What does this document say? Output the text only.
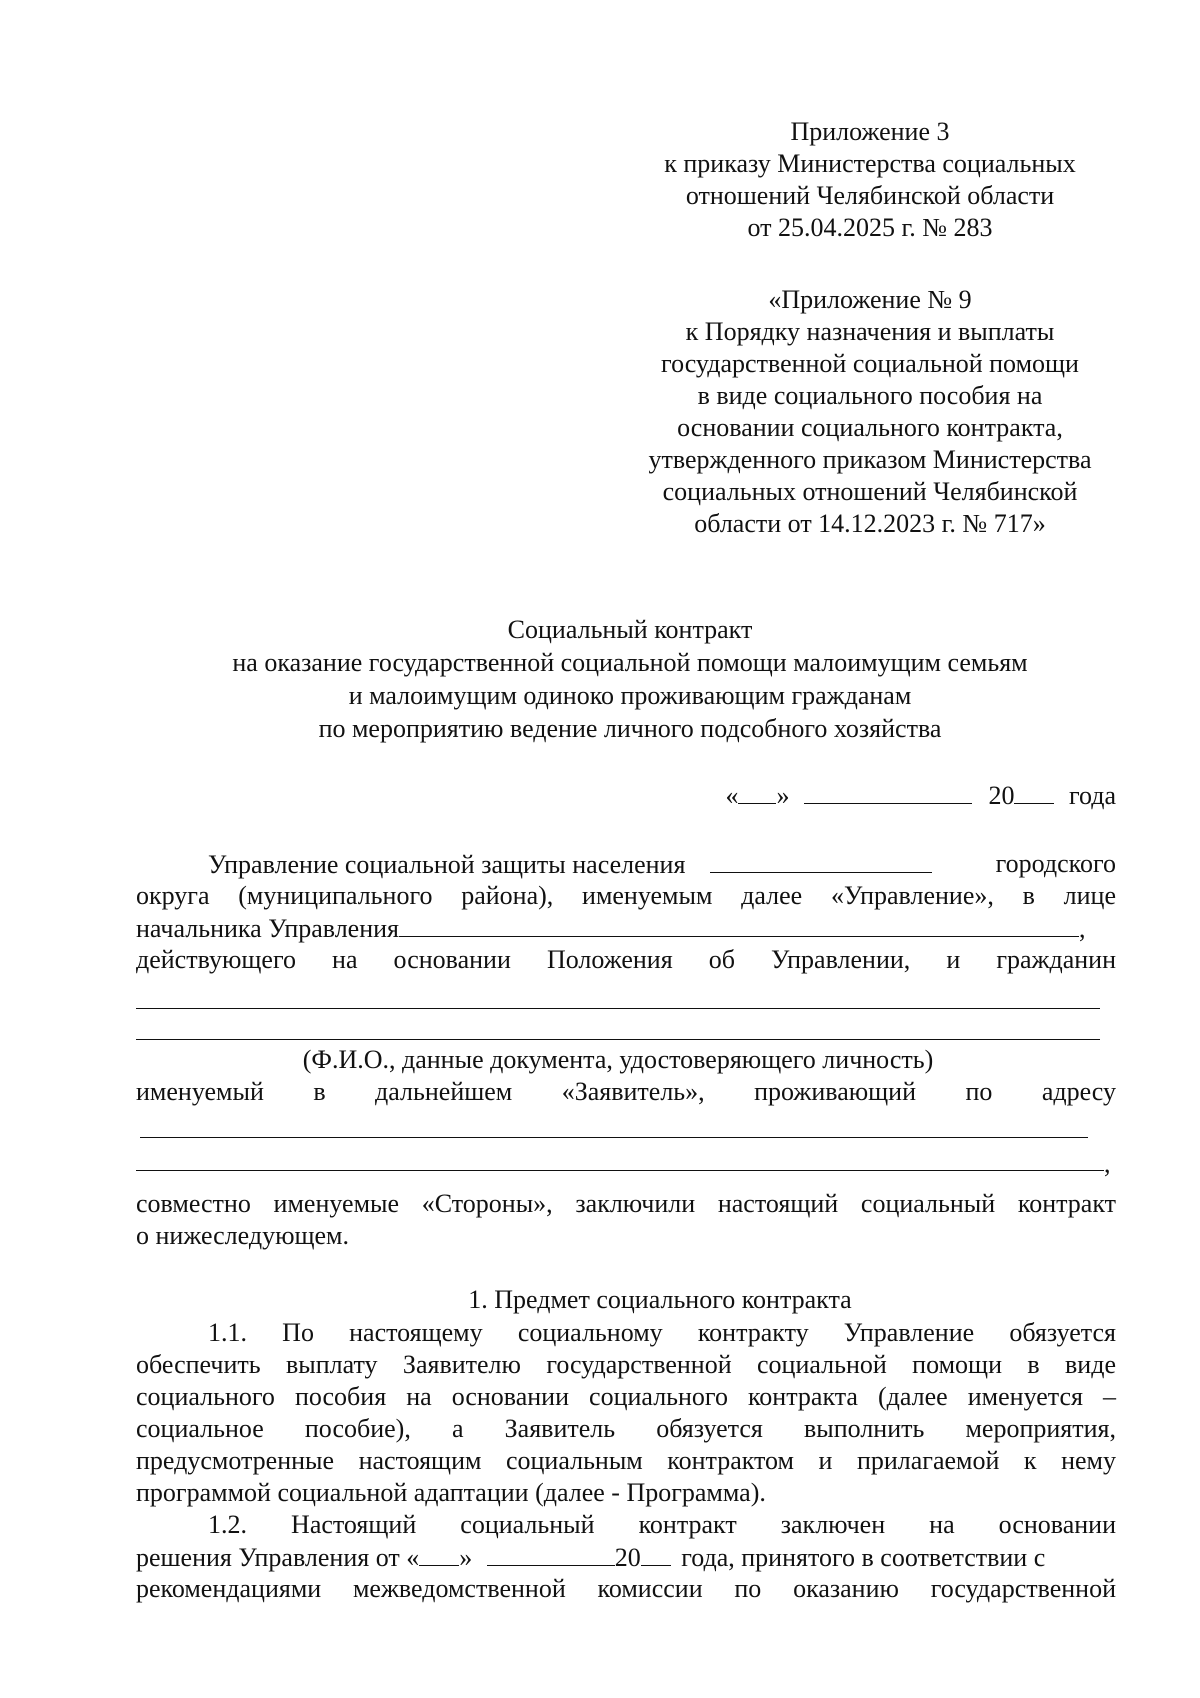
Приложение 3
к приказу Министерства социальных
отношений Челябинской области
от 25.04.2025 г. № 283
«Приложение № 9
к Порядку назначения и выплаты
государственной социальной помощи
в виде социального пособия на
основании социального контракта,
утвержденного приказом Министерства
социальных отношений Челябинской
области от 14.12.2023 г. № 717»
Социальный контракт
на оказание государственной социальной помощи малоимущим семьям
и малоимущим одиноко проживающим гражданам
по мероприятию ведение личного подсобного хозяйства
« »	20 года
Управление социальной защиты населения	городского
округа (муниципального района), именуемым далее «Управление», в лице
начальника Управления	,
действующего на основании Положения об Управлении, и гражданин
(Ф.И.О., данные документа, удостоверяющего личность)
именуемый в дальнейшем «Заявитель», проживающий по адресу
,
совместно именуемые «Стороны», заключили настоящий социальный контракт
о нижеследующем.
1. Предмет социального контракта
1.1. По настоящему социальному контракту Управление обязуется
обеспечить выплату Заявителю государственной социальной помощи в виде
социального пособия на основании социального контракта (далее именуется –
социальное пособие), а Заявитель обязуется выполнить мероприятия,
предусмотренные настоящим социальным контрактом и прилагаемой к нему
программой социальной адаптации (далее - Программа).
1.2. Настоящий социальный контракт заключен на основании
решения Управления от « »	20 года, принятого в соответствии с
рекомендациями межведомственной комиссии по оказанию государственной
